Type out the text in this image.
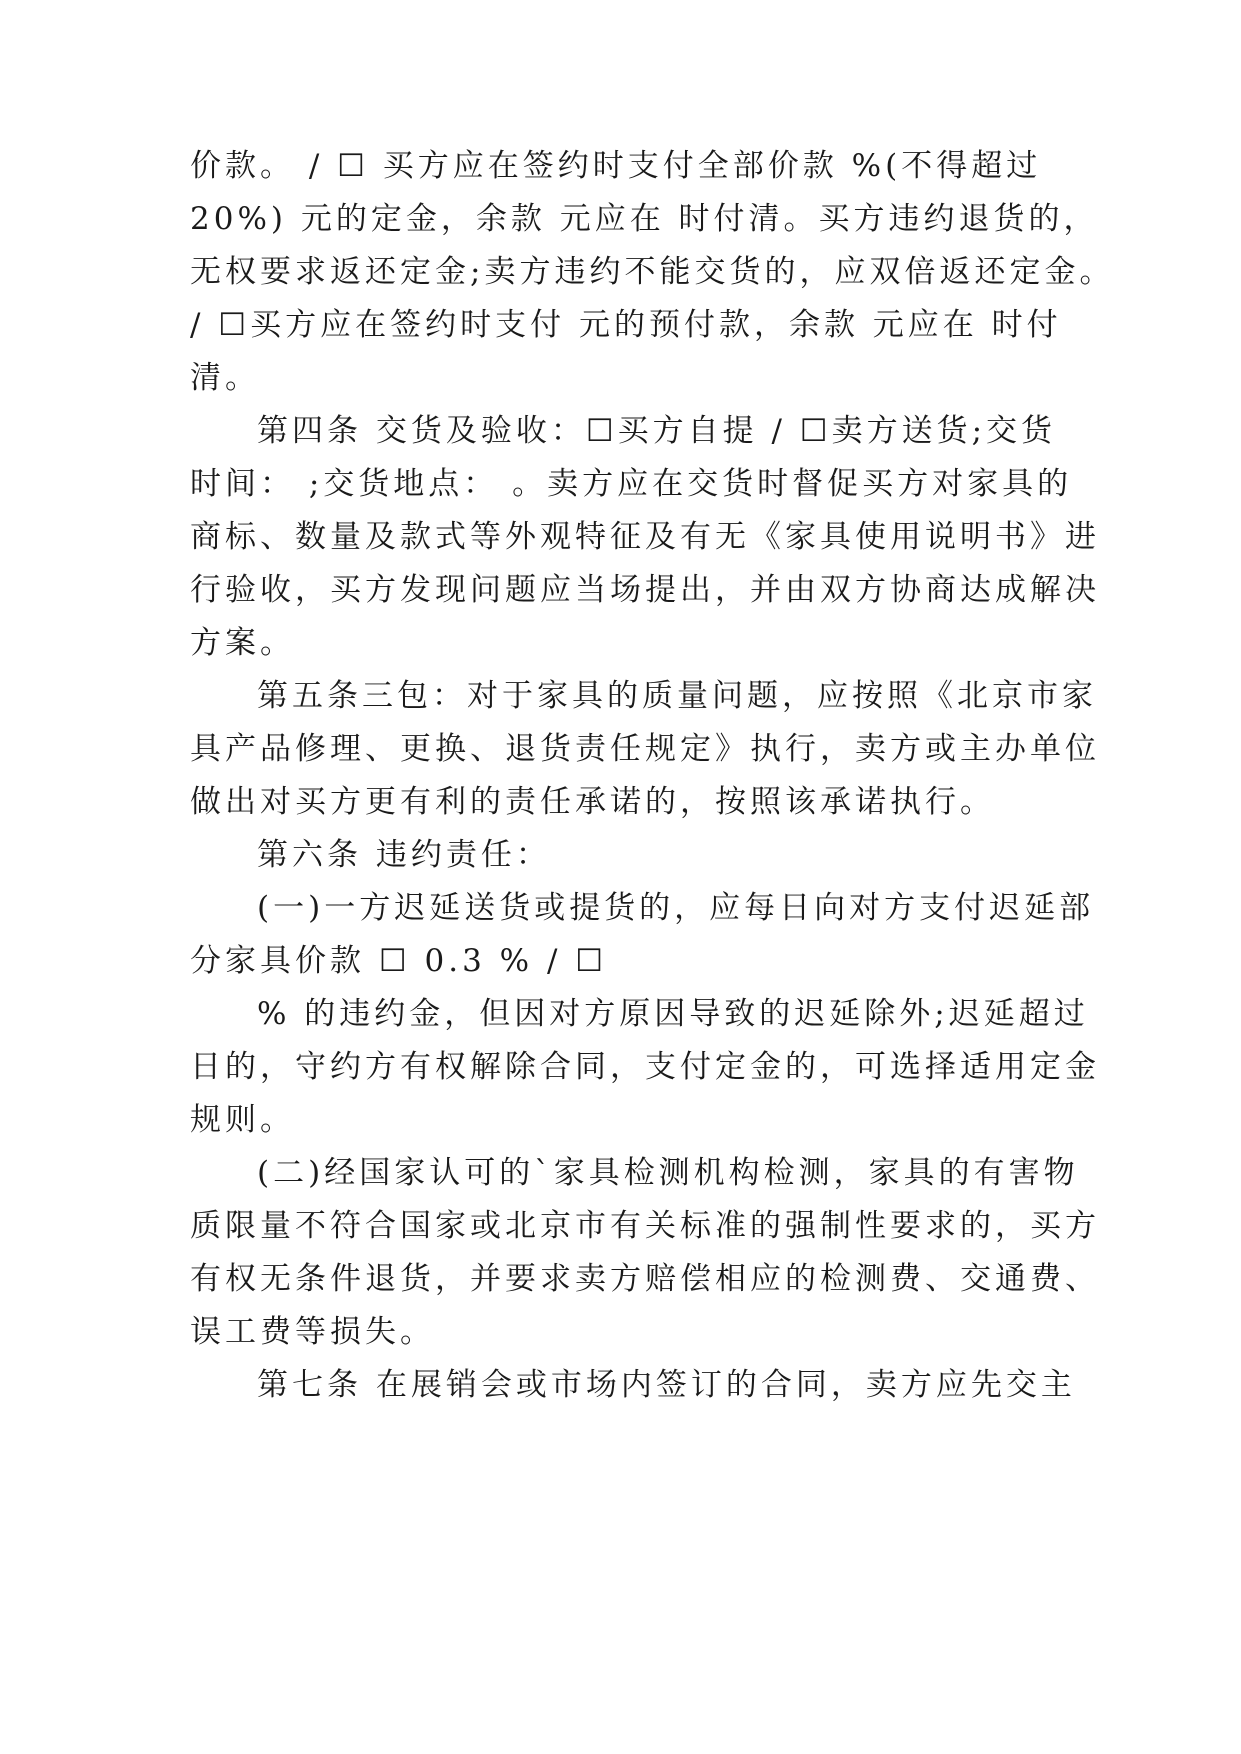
价款。 / ☐ 买方应在签约时支付全部价款 %(不得超过

20%) 元的定金，余款 元应在 时付清。买方违约退货的，

无权要求返还定金;卖方违约不能交货的，应双倍返还定金。

/ ☐买方应在签约时支付 元的预付款，余款 元应在 时付

清。

第四条 交货及验收：☐买方自提 / ☐卖方送货;交货

时间： ;交货地点： 。卖方应在交货时督促买方对家具的

商标、数量及款式等外观特征及有无《家具使用说明书》进

行验收，买方发现问题应当场提出，并由双方协商达成解决

方案。

第五条三包：对于家具的质量问题，应按照《北京市家

具产品修理、更换、退货责任规定》执行，卖方或主办单位

做出对买方更有利的责任承诺的，按照该承诺执行。

第六条 违约责任：

(一)一方迟延送货或提货的，应每日向对方支付迟延部

分家具价款 ☐ 0.3 % / ☐

% 的违约金，但因对方原因导致的迟延除外;迟延超过

日的，守约方有权解除合同，支付定金的，可选择适用定金

规则。

(二)经国家认可的`家具检测机构检测，家具的有害物

质限量不符合国家或北京市有关标准的强制性要求的，买方

有权无条件退货，并要求卖方赔偿相应的检测费、交通费、

误工费等损失。

第七条 在展销会或市场内签订的合同，卖方应先交主
